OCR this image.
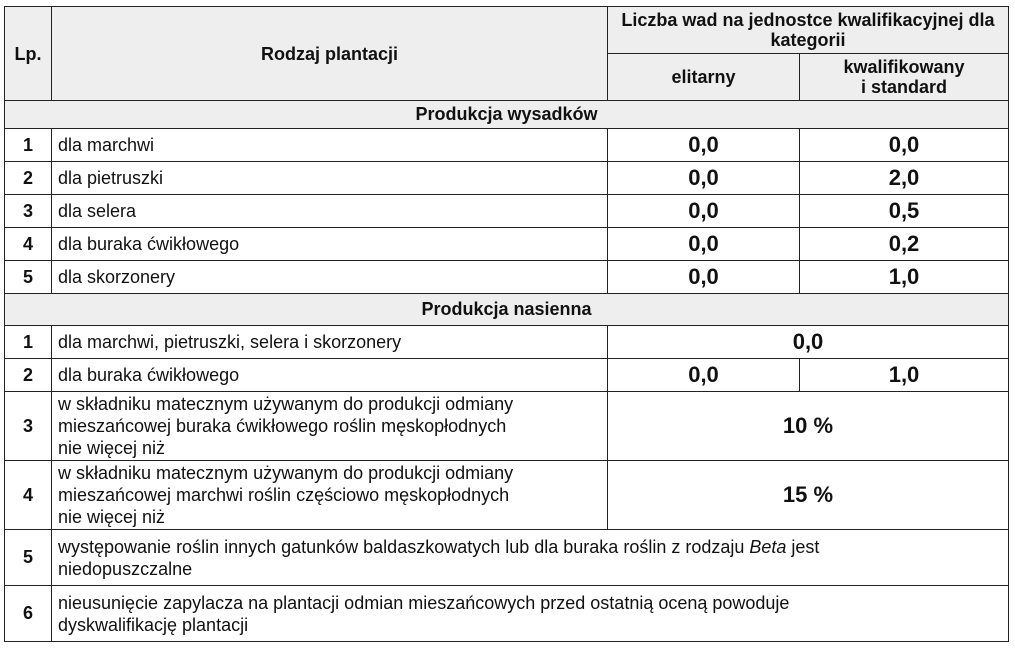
Lp.	Rodzaj plantacji	Liczba wad na jednostce kwalifikacyjnej dla kategorii	
		elitarny	kwalifikowany
i standard

Produkcja wysadków			
1	dla marchwi	0,0	0,0
2	dla pietruszki	0,0	2,0
3	dla selera	0,0	0,5
4	dla buraka ćwikłowego	0,0	0,2
5	dla skorzonery	0,0	1,0
Produkcja nasienna			
1	dla marchwi, pietruszki, selera i skorzonery	0,0	
2	dla buraka ćwikłowego	0,0	1,0
3	w składniku matecznym używanym do produkcji odmiany
mieszańcowej buraka ćwikłowego roślin męskopłodnych
nie więcej niż	10 %	
4	w składniku matecznym używanym do produkcji odmiany
mieszańcowej marchwi roślin częściowo męskopłodnych
nie więcej niż	15 %	
5	występowanie roślin innych gatunków baldaszkowatych lub dla buraka roślin z rodzaju Beta jest
niedopuszczalne		

6	nieusunięcie zapylacza na plantacji odmian mieszańcowych przed ostatnią oceną powoduje
dyskwalifikację plantacji		
